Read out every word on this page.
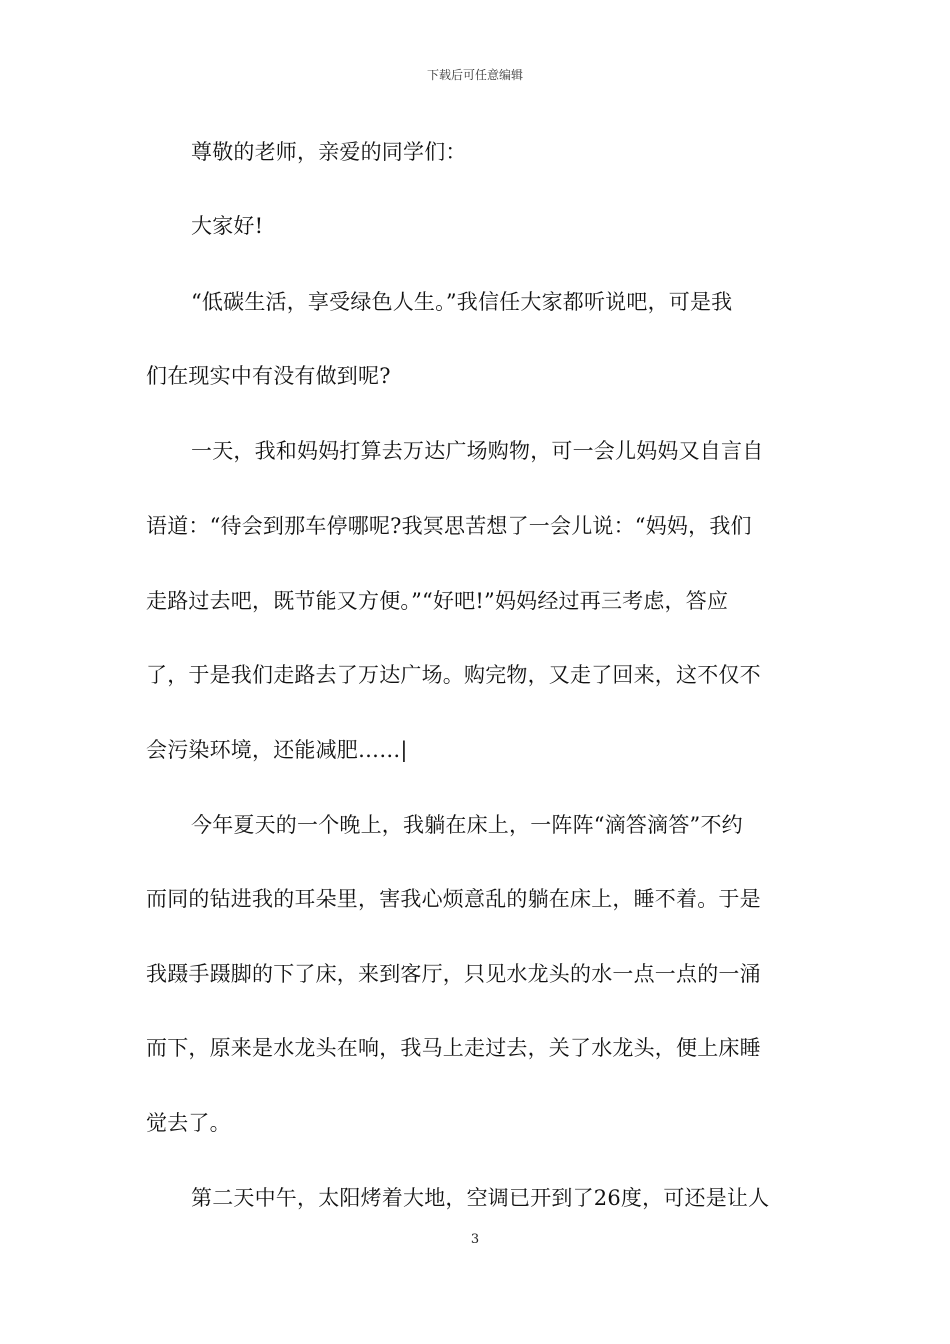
下载后可任意编辑
尊敬的老师，亲爱的同学们：
大家好!
“低碳生活，享受绿色人生。”我信任大家都听说吧，可是我
们在现实中有没有做到呢?
一天，我和妈妈打算去万达广场购物，可一会儿妈妈又自言自
语道：“待会到那车停哪呢?我冥思苦想了一会儿说：“妈妈，我们
走路过去吧，既节能又方便。”“好吧!”妈妈经过再三考虑，答应
了，于是我们走路去了万达广场。购完物，又走了回来，这不仅不
会污染环境，还能减肥……|
今年夏天的一个晚上，我躺在床上，一阵阵“滴答滴答”不约
而同的钻进我的耳朵里，害我心烦意乱的躺在床上，睡不着。于是
我蹑手蹑脚的下了床，来到客厅，只见水龙头的水一点一点的一涌
而下，原来是水龙头在响，我马上走过去，关了水龙头，便上床睡
觉去了。
第二天中午，太阳烤着大地，空调已开到了26度，可还是让人
3
